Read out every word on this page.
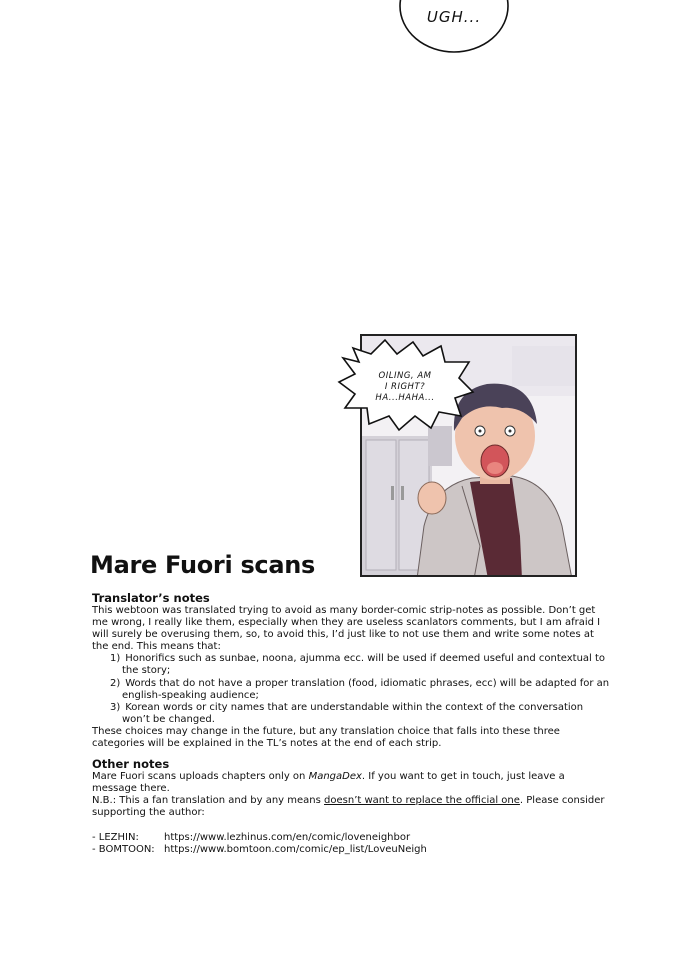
UGH...
OILING, AM
I RIGHT?
HA...HAHA...
Mare Fuori scans
Translator’s notes

This webtoon was translated trying to avoid as many border-comic strip-notes as possible. Don’t get me wrong, I really like them, especially when they are useless scanlators comments, but I am afraid I will surely be overusing them, so, to avoid this, I’d just like to not use them and write some notes at the end. This means that:

1) Honorifics such as sunbae, noona, ajumma ecc. will be used if deemed useful and contextual to the story;
2) Words that do not have a proper translation (food, idiomatic phrases, ecc) will be adapted for an english-speaking audience;
3) Korean words or city names that are understandable within the context of the conversation won’t be changed.

These choices may change in the future, but any translation choice that falls into these three categories will be explained in the TL’s notes at the end of each strip.

Other notes

Mare Fuori scans uploads chapters only on MangaDex. If you want to get in touch, just leave a message there.

N.B.: This a fan translation and by any means doesn’t want to replace the official one. Please consider supporting the author:

- LEZHIN:	https://www.lezhinus.com/en/comic/loveneighbor
- BOMTOON: https://www.bomtoon.com/comic/ep_list/LoveuNeigh
